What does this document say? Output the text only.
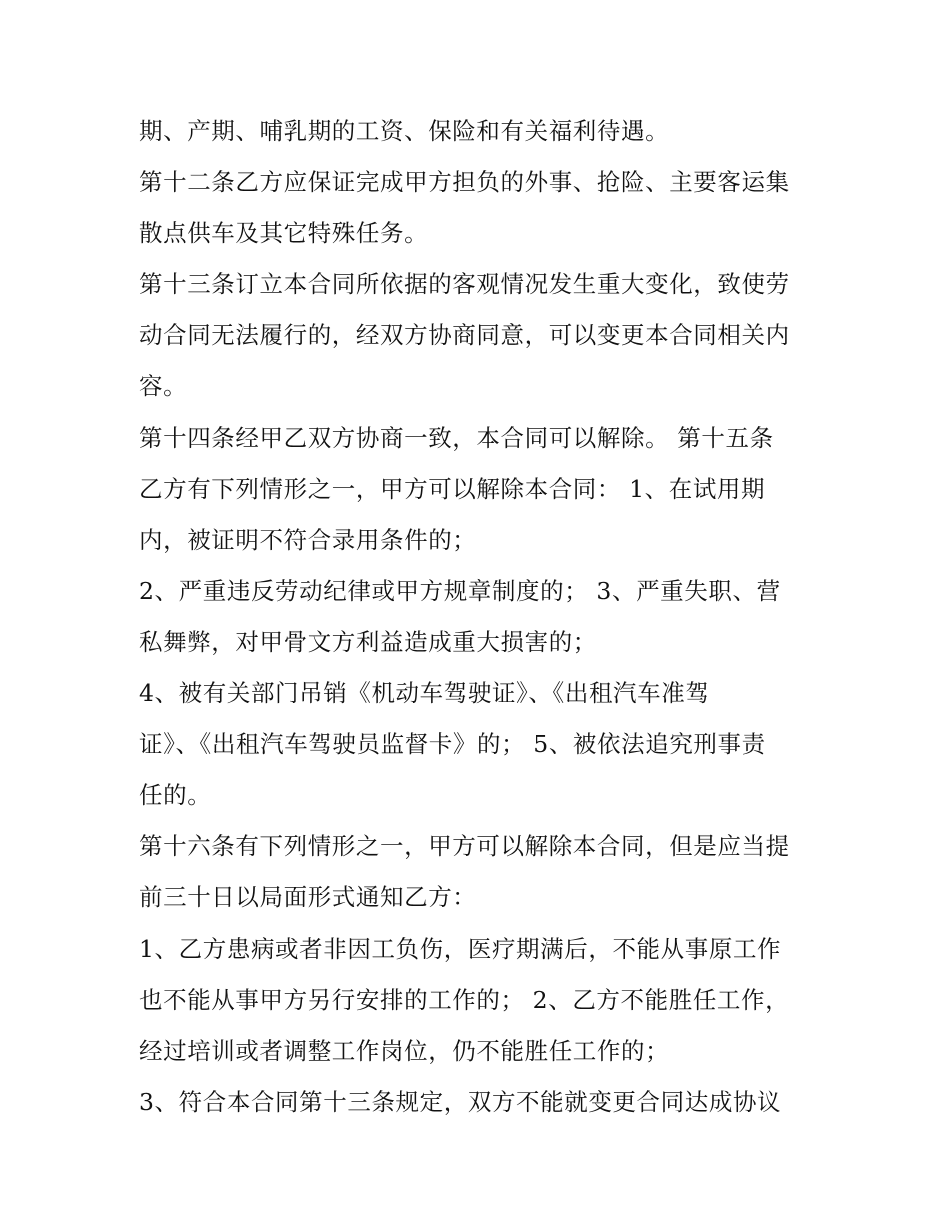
期、产期、哺乳期的工资、保险和有关福利待遇。
第十二条乙方应保证完成甲方担负的外事、抢险、主要客运集
散点供车及其它特殊任务。
第十三条订立本合同所依据的客观情况发生重大变化，致使劳
动合同无法履行的，经双方协商同意，可以变更本合同相关内
容。
第十四条经甲乙双方协商一致，本合同可以解除。 第十五条
乙方有下列情形之一，甲方可以解除本合同： 1、在试用期
内，被证明不符合录用条件的；
2、严重违反劳动纪律或甲方规章制度的； 3、严重失职、营
私舞弊，对甲骨文方利益造成重大损害的；
4、被有关部门吊销《机动车驾驶证》、《出租汽车准驾
证》、《出租汽车驾驶员监督卡》的； 5、被依法追究刑事责
任的。
第十六条有下列情形之一，甲方可以解除本合同，但是应当提
前三十日以局面形式通知乙方：
1、乙方患病或者非因工负伤，医疗期满后，不能从事原工作
也不能从事甲方另行安排的工作的； 2、乙方不能胜任工作，
经过培训或者调整工作岗位，仍不能胜任工作的；
3、符合本合同第十三条规定，双方不能就变更合同达成协议
